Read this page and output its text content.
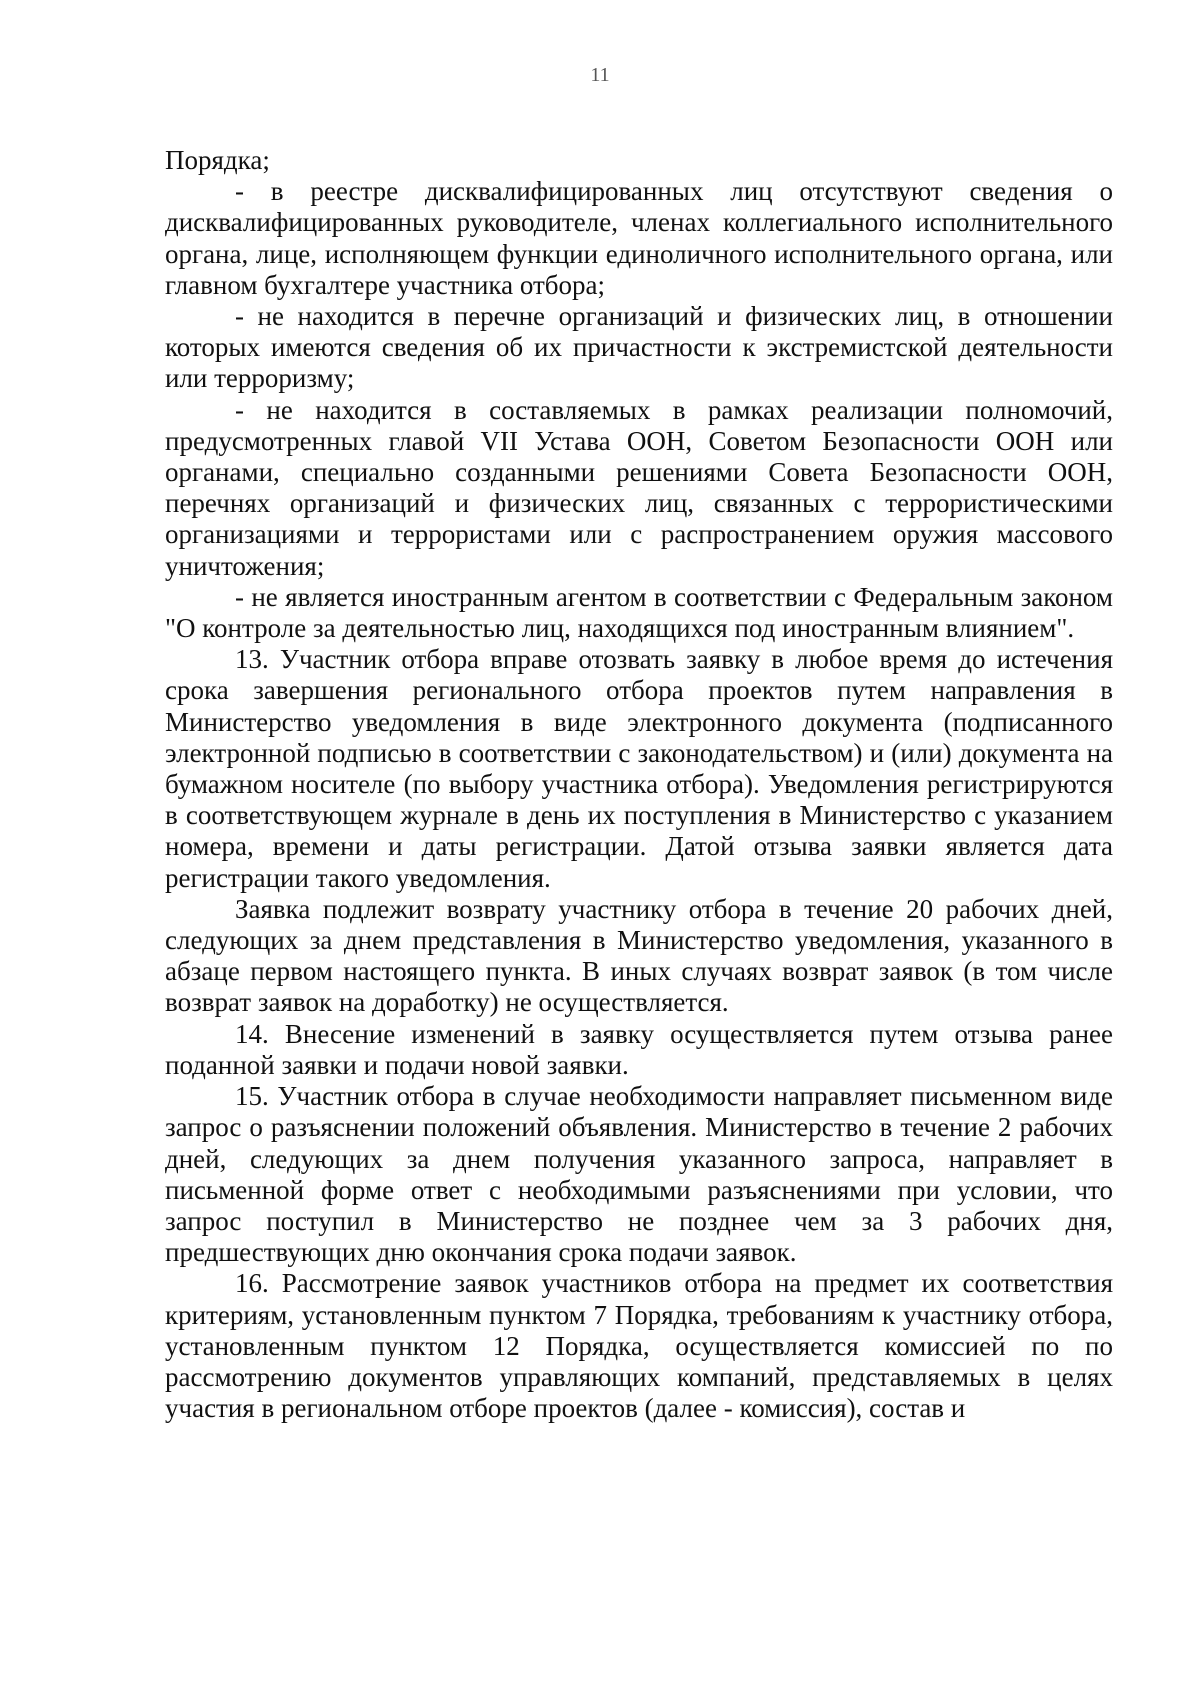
11

Порядка;

- в реестре дисквалифицированных лиц отсутствуют сведения о дисквалифицированных руководителе, членах коллегиального исполнительного органа, лице, исполняющем функции единоличного исполнительного органа, или главном бухгалтере участника отбора;

- не находится в перечне организаций и физических лиц, в отношении которых имеются сведения об их причастности к экстремистской деятельности или терроризму;

- не находится в составляемых в рамках реализации полномочий, предусмотренных главой VII Устава ООН, Советом Безопасности ООН или органами, специально созданными решениями Совета Безопасности ООН, перечнях организаций и физических лиц, связанных с террористическими организациями и террористами или с распространением оружия массового уничтожения;

- не является иностранным агентом в соответствии с Федеральным законом "О контроле за деятельностью лиц, находящихся под иностранным влиянием".

13. Участник отбора вправе отозвать заявку в любое время до истечения срока завершения регионального отбора проектов путем направления в Министерство уведомления в виде электронного документа (подписанного электронной подписью в соответствии с законодательством) и (или) документа на бумажном носителе (по выбору участника отбора). Уведомления регистрируются в соответствующем журнале в день их поступления в Министерство с указанием номера, времени и даты регистрации. Датой отзыва заявки является дата регистрации такого уведомления.

Заявка подлежит возврату участнику отбора в течение 20 рабочих дней, следующих за днем представления в Министерство уведомления, указанного в абзаце первом настоящего пункта. В иных случаях возврат заявок (в том числе возврат заявок на доработку) не осуществляется.

14. Внесение изменений в заявку осуществляется путем отзыва ранее поданной заявки и подачи новой заявки.

15. Участник отбора в случае необходимости направляет письменном виде запрос о разъяснении положений объявления. Министерство в течение 2 рабочих дней, следующих за днем получения указанного запроса, направляет в письменной форме ответ с необходимыми разъяснениями при условии, что запрос поступил в Министерство не позднее чем за 3 рабочих дня, предшествующих дню окончания срока подачи заявок.

16. Рассмотрение заявок участников отбора на предмет их соответствия критериям, установленным пунктом 7 Порядка, требованиям к участнику отбора, установленным пунктом 12 Порядка, осуществляется комиссией по по рассмотрению документов управляющих компаний, представляемых в целях участия в региональном отборе проектов (далее - комиссия), состав и
